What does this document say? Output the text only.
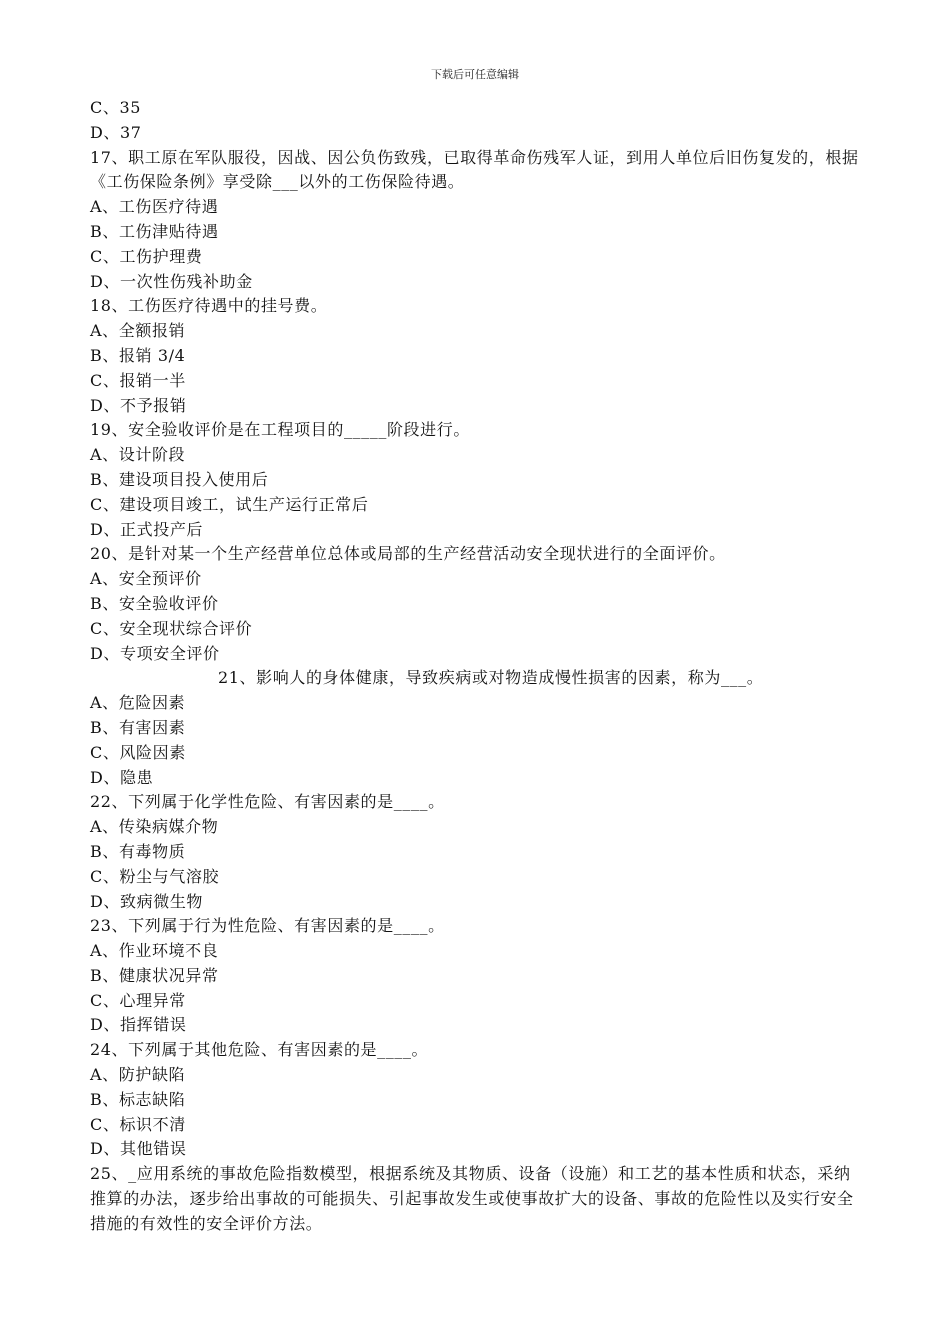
下载后可任意编辑
C、35
D、37
17、职工原在军队服役，因战、因公负伤致残，已取得革命伤残军人证，到用人单位后旧伤复发的，根据《工伤保险条例》享受除___以外的工伤保险待遇。
A、工伤医疗待遇
B、工伤津贴待遇
C、工伤护理费
D、一次性伤残补助金
18、工伤医疗待遇中的挂号费。
A、全额报销
B、报销 3/4
C、报销一半
D、不予报销
19、安全验收评价是在工程项目的_____阶段进行。
A、设计阶段
B、建设项目投入使用后
C、建设项目竣工，试生产运行正常后
D、正式投产后
20、是针对某一个生产经营单位总体或局部的生产经营活动安全现状进行的全面评价。
A、安全预评价
B、安全验收评价
C、安全现状综合评价
D、专项安全评价
21、影响人的身体健康，导致疾病或对物造成慢性损害的因素，称为___。
A、危险因素
B、有害因素
C、风险因素
D、隐患
22、下列属于化学性危险、有害因素的是____。
A、传染病媒介物
B、有毒物质
C、粉尘与气溶胶
D、致病微生物
23、下列属于行为性危险、有害因素的是____。
A、作业环境不良
B、健康状况异常
C、心理异常
D、指挥错误
24、下列属于其他危险、有害因素的是____。
A、防护缺陷
B、标志缺陷
C、标识不清
D、其他错误
25、_应用系统的事故危险指数模型，根据系统及其物质、设备（设施）和工艺的基本性质和状态，采纳推算的办法，逐步给出事故的可能损失、引起事故发生或使事故扩大的设备、事故的危险性以及实行安全措施的有效性的安全评价方法。
